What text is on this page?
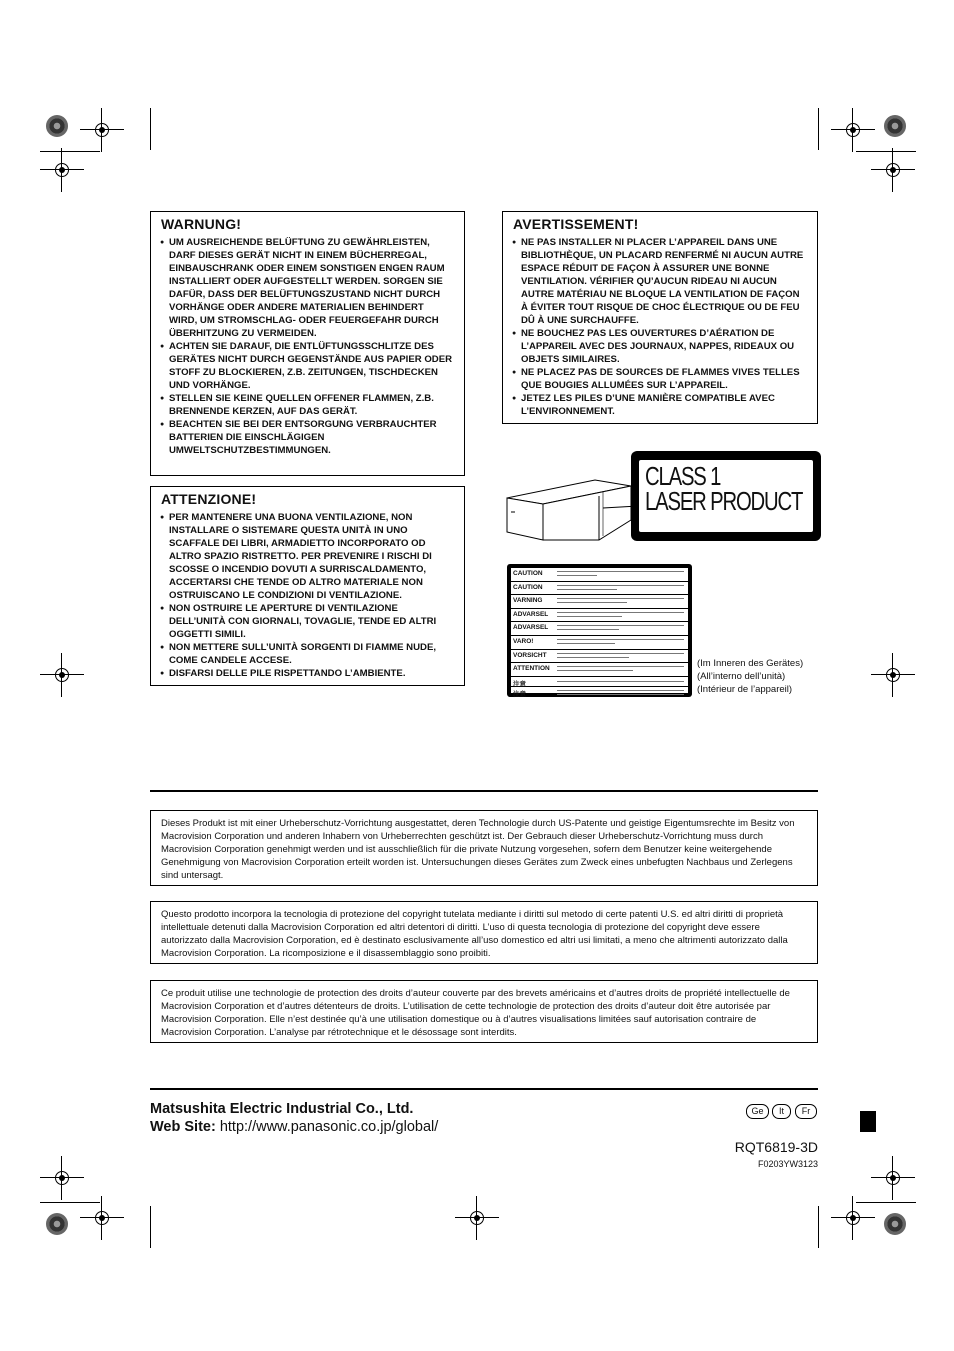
WARNUNG!
● UM AUSREICHENDE BELÜFTUNG ZU GEWÄHRLEISTEN, DARF DIESES GERÄT NICHT IN EINEM BÜCHERREGAL, EINBAUSCHRANK ODER EINEM SONSTIGEN ENGEN RAUM INSTALLIERT ODER AUFGESTELLT WERDEN. SORGEN SIE DAFÜR, DASS DER BELÜFTUNGSZUSTAND NICHT DURCH VORHÄNGE ODER ANDERE MATERIALIEN BEHINDERT WIRD, UM STROMSCHLAG- ODER FEUERGEFAHR DURCH ÜBERHITZUNG ZU VERMEIDEN.
● ACHTEN SIE DARAUF, DIE ENTLÜFTUNGSSCHLITZE DES GERÄTES NICHT DURCH GEGENSTÄNDE AUS PAPIER ODER STOFF ZU BLOCKIEREN, Z.B. ZEITUNGEN, TISCHDECKEN UND VORHÄNGE.
● STELLEN SIE KEINE QUELLEN OFFENER FLAMMEN, Z.B. BRENNENDE KERZEN, AUF DAS GERÄT.
● BEACHTEN SIE BEI DER ENTSORGUNG VERBRAUCHTER BATTERIEN DIE EINSCHLÄGIGEN UMWELTSCHUTZBESTIMMUNGEN.
ATTENZIONE!
● PER MANTENERE UNA BUONA VENTILAZIONE, NON INSTALLARE O SISTEMARE QUESTA UNITÀ IN UNO SCAFFALE DEI LIBRI, ARMADIETTO INCORPORATO OD ALTRO SPAZIO RISTRETTO. PER PREVENIRE I RISCHI DI SCOSSE O INCENDIO DOVUTI A SURRISCALDAMENTO, ACCERTARSI CHE TENDE OD ALTRO MATERIALE NON OSTRUISCANO LE CONDIZIONI DI VENTILAZIONE.
● NON OSTRUIRE LE APERTURE DI VENTILAZIONE DELL’UNITÀ CON GIORNALI, TOVAGLIE, TENDE ED ALTRI OGGETTI SIMILI.
● NON METTERE SULL’UNITÀ SORGENTI DI FIAMME NUDE, COME CANDELE ACCESE.
● DISFARSI DELLE PILE RISPETTANDO L’AMBIENTE.
AVERTISSEMENT!
● NE PAS INSTALLER NI PLACER L’APPAREIL DANS UNE BIBLIOTHÈQUE, UN PLACARD RENFERMÉ NI AUCUN AUTRE ESPACE RÉDUIT DE FAÇON À ASSURER UNE BONNE VENTILATION. VÉRIFIER QU’AUCUN RIDEAU NI AUCUN AUTRE MATÉRIAU NE BLOQUE LA VENTILATION DE FAÇON À ÉVITER TOUT RISQUE DE CHOC ÉLECTRIQUE OU DE FEU DÛ À UNE SURCHAUFFE.
● NE BOUCHEZ PAS LES OUVERTURES D’AÉRATION DE L’APPAREIL AVEC DES JOURNAUX, NAPPES, RIDEAUX OU OBJETS SIMILAIRES.
● NE PLACEZ PAS DE SOURCES DE FLAMMES VIVES TELLES QUE BOUGIES ALLUMÉES SUR L’APPAREIL.
● JETEZ LES PILES D’UNE MANIÈRE COMPATIBLE AVEC L’ENVIRONNEMENT.
CLASS 1
LASER PRODUCT
CAUTION
CAUTION
VARNING
ADVARSEL
ADVARSEL
VARO!
VORSICHT
ATTENTION
注意
注意
(Im Inneren des Gerätes)
(All’interno dell’unità)
(Intérieur de l’appareil)
Dieses Produkt ist mit einer Urheberschutz-Vorrichtung ausgestattet, deren Technologie durch US-Patente und geistige Eigentumsrechte im Besitz von Macrovision Corporation und anderen Inhabern von Urheberrechten geschützt ist. Der Gebrauch dieser Urheberschutz-Vorrichtung muss durch Macrovision Corporation genehmigt werden und ist ausschließlich für die private Nutzung vorgesehen, sofern dem Benutzer keine weitergehende Genehmigung von Macrovision Corporation erteilt worden ist. Untersuchungen dieses Gerätes zum Zweck eines unbefugten Nachbaus und Zerlegens sind untersagt.
Questo prodotto incorpora la tecnologia di protezione del copyright tutelata mediante i diritti sul metodo di certe patenti U.S. ed altri diritti di proprietà intellettuale detenuti dalla Macrovision Corporation ed altri detentori di diritti. L’uso di questa tecnologia di protezione del copyright deve essere autorizzato dalla Macrovision Corporation, ed è destinato esclusivamente all’uso domestico ed altri usi limitati, a meno che altrimenti autorizzato dalla Macrovision Corporation. La ricomposizione e il disassemblaggio sono proibiti.
Ce produit utilise une technologie de protection des droits d’auteur couverte par des brevets américains et d’autres droits de propriété intellectuelle de Macrovision Corporation et d’autres détenteurs de droits. L’utilisation de cette technologie de protection des droits d’auteur doit être autorisée par Macrovision Corporation. Elle n’est destinée qu’à une utilisation domestique ou à d’autres visualisations limitées sauf autorisation contraire de Macrovision Corporation. L’analyse par rétrotechnique et le désossage sont interdits.
Matsushita Electric Industrial Co., Ltd.
Web Site: http://www.panasonic.co.jp/global/
Ge	It	Fr
RQT6819-3D
F0203YW3123
